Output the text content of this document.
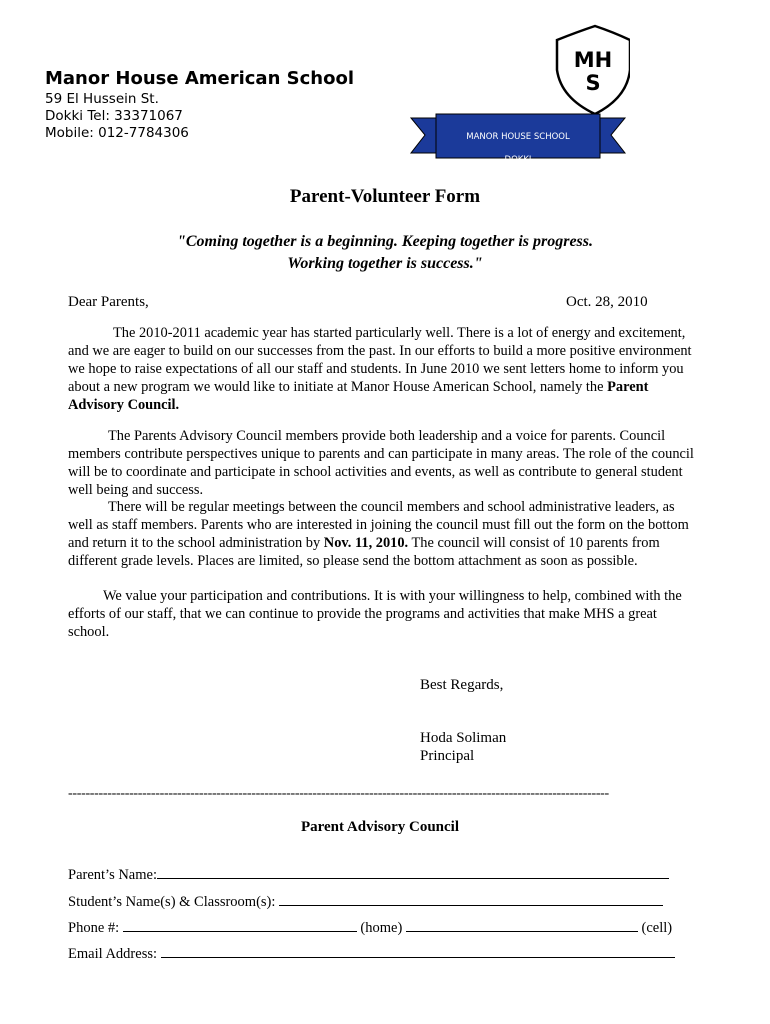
Manor House American School
59 El Hussein St.
Dokki Tel: 33371067
Mobile: 012-7784306
MH
S
MANOR HOUSE SCHOOL
DOKKI
Parent-Volunteer Form
"Coming together is a beginning. Keeping together is progress.
Working together is success."
Dear Parents,	Oct. 28, 2010
The 2010-2011 academic year has started particularly well. There is a lot of energy and excitement, and we are eager to build on our successes from the past. In our efforts to build a more positive environment we hope to raise expectations of all our staff and students. In June 2010 we sent letters home to inform you about a new program we would like to initiate at Manor House American School, namely the Parent Advisory Council.
The Parents Advisory Council members provide both leadership and a voice for parents. Council members contribute perspectives unique to parents and can participate in many areas. The role of the council will be to coordinate and participate in school activities and events, as well as contribute to general student well being and success.
There will be regular meetings between the council members and school administrative leaders, as well as staff members. Parents who are interested in joining the council must fill out the form on the bottom and return it to the school administration by Nov. 11, 2010. The council will consist of 10 parents from different grade levels. Places are limited, so please send the bottom attachment as soon as possible.
We value your participation and contributions. It is with your willingness to help, combined with the efforts of our staff, that we can continue to provide the programs and activities that make MHS a great school.
Best Regards,
Hoda Soliman
Principal
----------------------------------------------------------------------------------------------------------------------------
Parent Advisory Council
Parent’s Name:
Student’s Name(s) & Classroom(s):
Phone #:	(home)	(cell)
Email Address:
